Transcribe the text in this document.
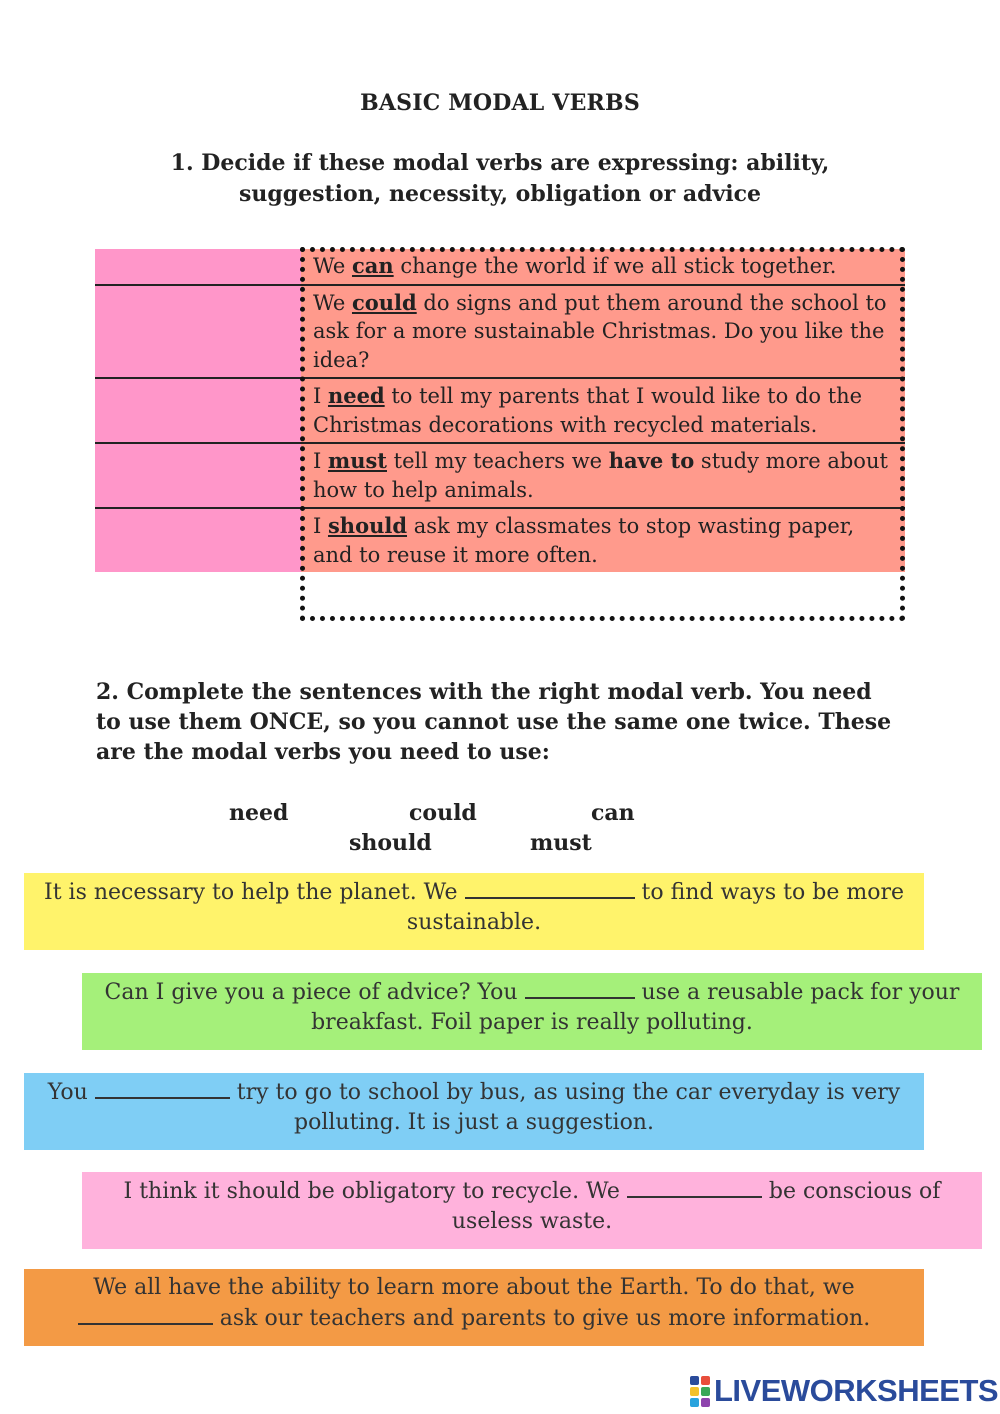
BASIC MODAL VERBS
1. Decide if these modal verbs are expressing: ability,
suggestion, necessity, obligation or advice
We can change the world if we all stick together.
We could do signs and put them around the school to ask for a more sustainable Christmas. Do you like the idea?
I need to tell my parents that I would like to do the Christmas decorations with recycled materials.
I must tell my teachers we have to study more about how to help animals.
I should ask my classmates to stop wasting paper, and to reuse it more often.
2. Complete the sentences with the right modal verb. You need to use them ONCE, so you cannot use the same one twice. These are the modal verbs you need to use:
need	could	can
should	must
It is necessary to help the planet. We	to find ways to be more sustainable.
Can I give you a piece of advice? You	use a reusable pack for your breakfast. Foil paper is really polluting.
You	try to go to school by bus, as using the car everyday is very polluting. It is just a suggestion.
I think it should be obligatory to recycle. We	be conscious of useless waste.
We all have the ability to learn more about the Earth. To do that, we  ask our teachers and parents to give us more information.
LIVEWORKSHEETS
